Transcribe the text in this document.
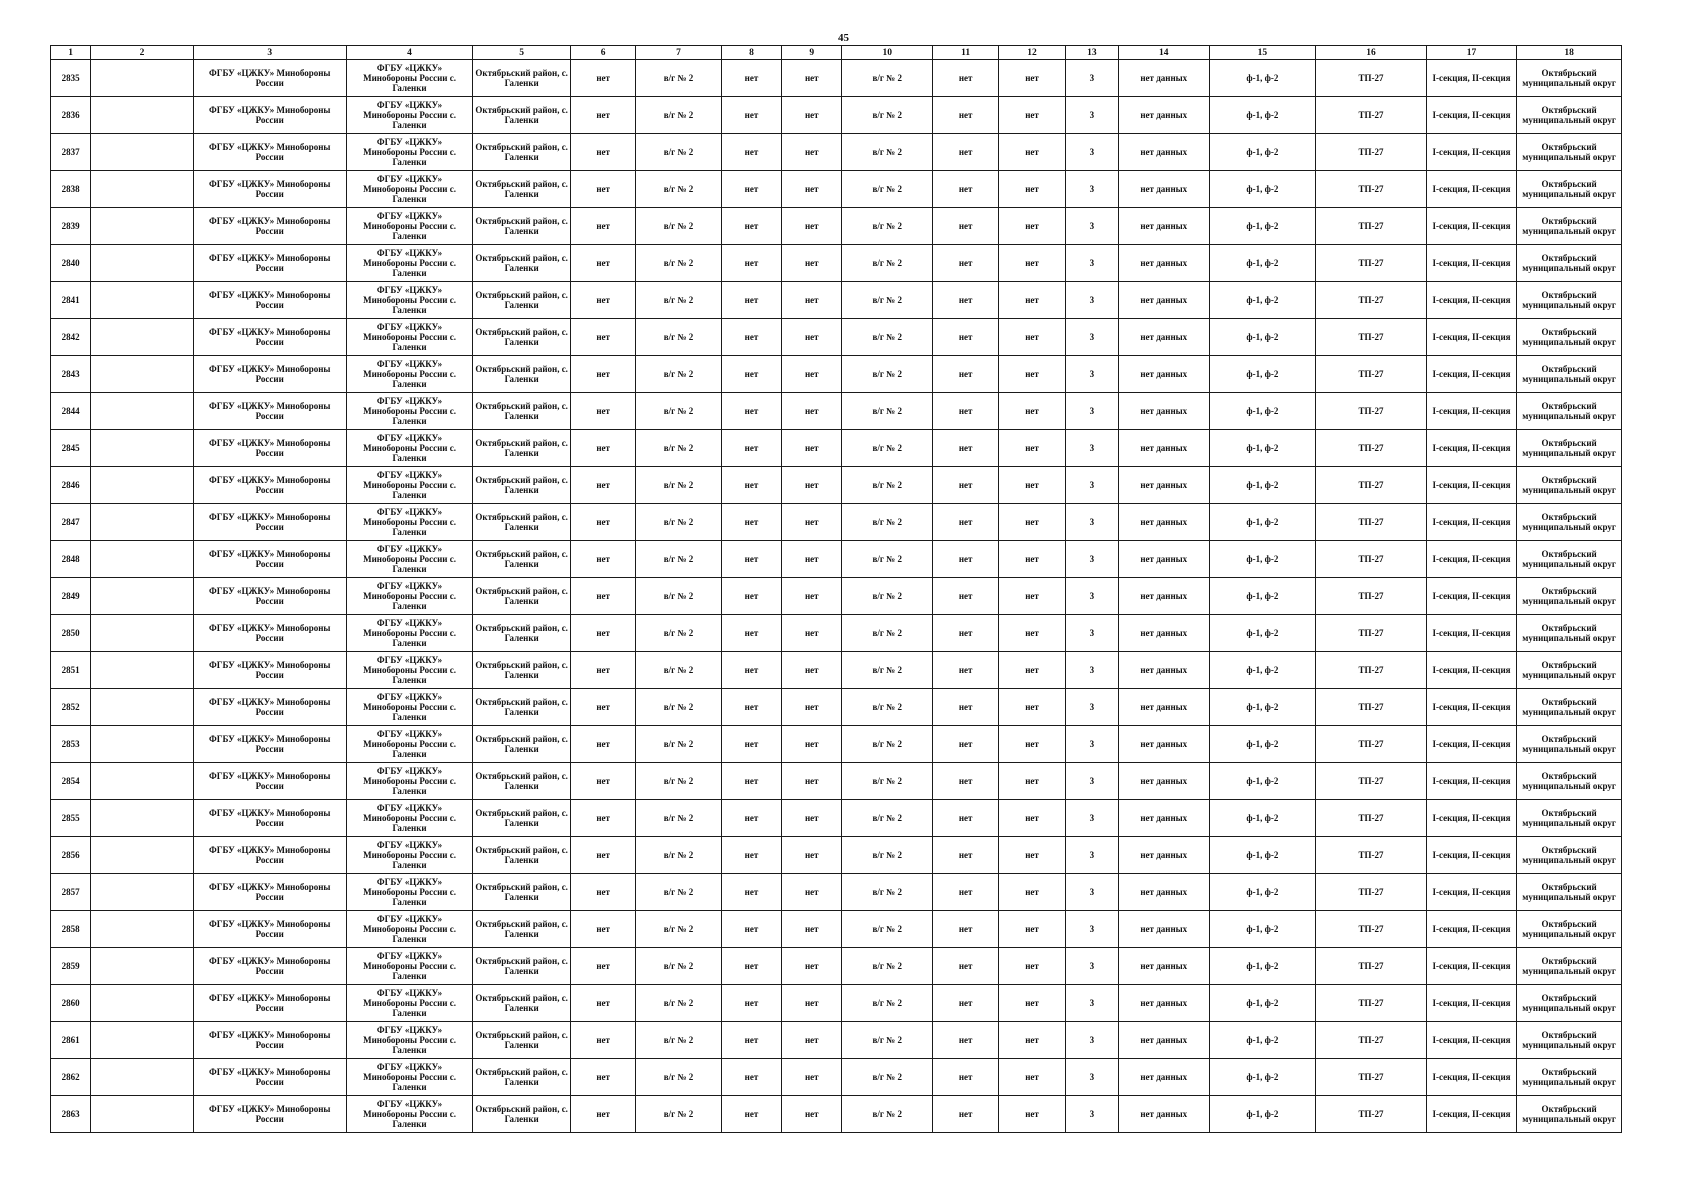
45
1	2	3	4	5	6	7	8	9	10	11	12	13	14	15	16	17	18
2835		ФГБУ «ЦЖКУ» Минобороны России	ФГБУ «ЦЖКУ»
Минобороны России с.
Галенки	Октябрьский район, с. Галенки	нет	в/г № 2	нет	нет	в/г № 2	нет	нет	3	нет данных	ф-1, ф-2	ТП-27	I-секция, II-секция	Октябрьский муниципальный округ
2836		ФГБУ «ЦЖКУ» Минобороны России	ФГБУ «ЦЖКУ»
Минобороны России с.
Галенки	Октябрьский район, с. Галенки	нет	в/г № 2	нет	нет	в/г № 2	нет	нет	3	нет данных	ф-1, ф-2	ТП-27	I-секция, II-секция	Октябрьский муниципальный округ
2837		ФГБУ «ЦЖКУ» Минобороны России	ФГБУ «ЦЖКУ»
Минобороны России с.
Галенки	Октябрьский район, с. Галенки	нет	в/г № 2	нет	нет	в/г № 2	нет	нет	3	нет данных	ф-1, ф-2	ТП-27	I-секция, II-секция	Октябрьский муниципальный округ
2838		ФГБУ «ЦЖКУ» Минобороны России	ФГБУ «ЦЖКУ»
Минобороны России с.
Галенки	Октябрьский район, с. Галенки	нет	в/г № 2	нет	нет	в/г № 2	нет	нет	3	нет данных	ф-1, ф-2	ТП-27	I-секция, II-секция	Октябрьский муниципальный округ
2839		ФГБУ «ЦЖКУ» Минобороны России	ФГБУ «ЦЖКУ»
Минобороны России с.
Галенки	Октябрьский район, с. Галенки	нет	в/г № 2	нет	нет	в/г № 2	нет	нет	3	нет данных	ф-1, ф-2	ТП-27	I-секция, II-секция	Октябрьский муниципальный округ
2840		ФГБУ «ЦЖКУ» Минобороны России	ФГБУ «ЦЖКУ»
Минобороны России с.
Галенки	Октябрьский район, с. Галенки	нет	в/г № 2	нет	нет	в/г № 2	нет	нет	3	нет данных	ф-1, ф-2	ТП-27	I-секция, II-секция	Октябрьский муниципальный округ
2841		ФГБУ «ЦЖКУ» Минобороны России	ФГБУ «ЦЖКУ»
Минобороны России с.
Галенки	Октябрьский район, с. Галенки	нет	в/г № 2	нет	нет	в/г № 2	нет	нет	3	нет данных	ф-1, ф-2	ТП-27	I-секция, II-секция	Октябрьский муниципальный округ
2842		ФГБУ «ЦЖКУ» Минобороны России	ФГБУ «ЦЖКУ»
Минобороны России с.
Галенки	Октябрьский район, с. Галенки	нет	в/г № 2	нет	нет	в/г № 2	нет	нет	3	нет данных	ф-1, ф-2	ТП-27	I-секция, II-секция	Октябрьский муниципальный округ
2843		ФГБУ «ЦЖКУ» Минобороны России	ФГБУ «ЦЖКУ»
Минобороны России с.
Галенки	Октябрьский район, с. Галенки	нет	в/г № 2	нет	нет	в/г № 2	нет	нет	3	нет данных	ф-1, ф-2	ТП-27	I-секция, II-секция	Октябрьский муниципальный округ
2844		ФГБУ «ЦЖКУ» Минобороны России	ФГБУ «ЦЖКУ»
Минобороны России с.
Галенки	Октябрьский район, с. Галенки	нет	в/г № 2	нет	нет	в/г № 2	нет	нет	3	нет данных	ф-1, ф-2	ТП-27	I-секция, II-секция	Октябрьский муниципальный округ
2845		ФГБУ «ЦЖКУ» Минобороны России	ФГБУ «ЦЖКУ»
Минобороны России с.
Галенки	Октябрьский район, с. Галенки	нет	в/г № 2	нет	нет	в/г № 2	нет	нет	3	нет данных	ф-1, ф-2	ТП-27	I-секция, II-секция	Октябрьский муниципальный округ
2846		ФГБУ «ЦЖКУ» Минобороны России	ФГБУ «ЦЖКУ»
Минобороны России с.
Галенки	Октябрьский район, с. Галенки	нет	в/г № 2	нет	нет	в/г № 2	нет	нет	3	нет данных	ф-1, ф-2	ТП-27	I-секция, II-секция	Октябрьский муниципальный округ
2847		ФГБУ «ЦЖКУ» Минобороны России	ФГБУ «ЦЖКУ»
Минобороны России с.
Галенки	Октябрьский район, с. Галенки	нет	в/г № 2	нет	нет	в/г № 2	нет	нет	3	нет данных	ф-1, ф-2	ТП-27	I-секция, II-секция	Октябрьский муниципальный округ
2848		ФГБУ «ЦЖКУ» Минобороны России	ФГБУ «ЦЖКУ»
Минобороны России с.
Галенки	Октябрьский район, с. Галенки	нет	в/г № 2	нет	нет	в/г № 2	нет	нет	3	нет данных	ф-1, ф-2	ТП-27	I-секция, II-секция	Октябрьский муниципальный округ
2849		ФГБУ «ЦЖКУ» Минобороны России	ФГБУ «ЦЖКУ»
Минобороны России с.
Галенки	Октябрьский район, с. Галенки	нет	в/г № 2	нет	нет	в/г № 2	нет	нет	3	нет данных	ф-1, ф-2	ТП-27	I-секция, II-секция	Октябрьский муниципальный округ
2850		ФГБУ «ЦЖКУ» Минобороны России	ФГБУ «ЦЖКУ»
Минобороны России с.
Галенки	Октябрьский район, с. Галенки	нет	в/г № 2	нет	нет	в/г № 2	нет	нет	3	нет данных	ф-1, ф-2	ТП-27	I-секция, II-секция	Октябрьский муниципальный округ
2851		ФГБУ «ЦЖКУ» Минобороны России	ФГБУ «ЦЖКУ»
Минобороны России с.
Галенки	Октябрьский район, с. Галенки	нет	в/г № 2	нет	нет	в/г № 2	нет	нет	3	нет данных	ф-1, ф-2	ТП-27	I-секция, II-секция	Октябрьский муниципальный округ
2852		ФГБУ «ЦЖКУ» Минобороны России	ФГБУ «ЦЖКУ»
Минобороны России с.
Галенки	Октябрьский район, с. Галенки	нет	в/г № 2	нет	нет	в/г № 2	нет	нет	3	нет данных	ф-1, ф-2	ТП-27	I-секция, II-секция	Октябрьский муниципальный округ
2853		ФГБУ «ЦЖКУ» Минобороны России	ФГБУ «ЦЖКУ»
Минобороны России с.
Галенки	Октябрьский район, с. Галенки	нет	в/г № 2	нет	нет	в/г № 2	нет	нет	3	нет данных	ф-1, ф-2	ТП-27	I-секция, II-секция	Октябрьский муниципальный округ
2854		ФГБУ «ЦЖКУ» Минобороны России	ФГБУ «ЦЖКУ»
Минобороны России с.
Галенки	Октябрьский район, с. Галенки	нет	в/г № 2	нет	нет	в/г № 2	нет	нет	3	нет данных	ф-1, ф-2	ТП-27	I-секция, II-секция	Октябрьский муниципальный округ
2855		ФГБУ «ЦЖКУ» Минобороны России	ФГБУ «ЦЖКУ»
Минобороны России с.
Галенки	Октябрьский район, с. Галенки	нет	в/г № 2	нет	нет	в/г № 2	нет	нет	3	нет данных	ф-1, ф-2	ТП-27	I-секция, II-секция	Октябрьский муниципальный округ
2856		ФГБУ «ЦЖКУ» Минобороны России	ФГБУ «ЦЖКУ»
Минобороны России с.
Галенки	Октябрьский район, с. Галенки	нет	в/г № 2	нет	нет	в/г № 2	нет	нет	3	нет данных	ф-1, ф-2	ТП-27	I-секция, II-секция	Октябрьский муниципальный округ
2857		ФГБУ «ЦЖКУ» Минобороны России	ФГБУ «ЦЖКУ»
Минобороны России с.
Галенки	Октябрьский район, с. Галенки	нет	в/г № 2	нет	нет	в/г № 2	нет	нет	3	нет данных	ф-1, ф-2	ТП-27	I-секция, II-секция	Октябрьский муниципальный округ
2858		ФГБУ «ЦЖКУ» Минобороны России	ФГБУ «ЦЖКУ»
Минобороны России с.
Галенки	Октябрьский район, с. Галенки	нет	в/г № 2	нет	нет	в/г № 2	нет	нет	3	нет данных	ф-1, ф-2	ТП-27	I-секция, II-секция	Октябрьский муниципальный округ
2859		ФГБУ «ЦЖКУ» Минобороны России	ФГБУ «ЦЖКУ»
Минобороны России с.
Галенки	Октябрьский район, с. Галенки	нет	в/г № 2	нет	нет	в/г № 2	нет	нет	3	нет данных	ф-1, ф-2	ТП-27	I-секция, II-секция	Октябрьский муниципальный округ
2860		ФГБУ «ЦЖКУ» Минобороны России	ФГБУ «ЦЖКУ»
Минобороны России с.
Галенки	Октябрьский район, с. Галенки	нет	в/г № 2	нет	нет	в/г № 2	нет	нет	3	нет данных	ф-1, ф-2	ТП-27	I-секция, II-секция	Октябрьский муниципальный округ
2861		ФГБУ «ЦЖКУ» Минобороны России	ФГБУ «ЦЖКУ»
Минобороны России с.
Галенки	Октябрьский район, с. Галенки	нет	в/г № 2	нет	нет	в/г № 2	нет	нет	3	нет данных	ф-1, ф-2	ТП-27	I-секция, II-секция	Октябрьский муниципальный округ
2862		ФГБУ «ЦЖКУ» Минобороны России	ФГБУ «ЦЖКУ»
Минобороны России с.
Галенки	Октябрьский район, с. Галенки	нет	в/г № 2	нет	нет	в/г № 2	нет	нет	3	нет данных	ф-1, ф-2	ТП-27	I-секция, II-секция	Октябрьский муниципальный округ
2863		ФГБУ «ЦЖКУ» Минобороны России	ФГБУ «ЦЖКУ»
Минобороны России с.
Галенки	Октябрьский район, с. Галенки	нет	в/г № 2	нет	нет	в/г № 2	нет	нет	3	нет данных	ф-1, ф-2	ТП-27	I-секция, II-секция	Октябрьский муниципальный округ
